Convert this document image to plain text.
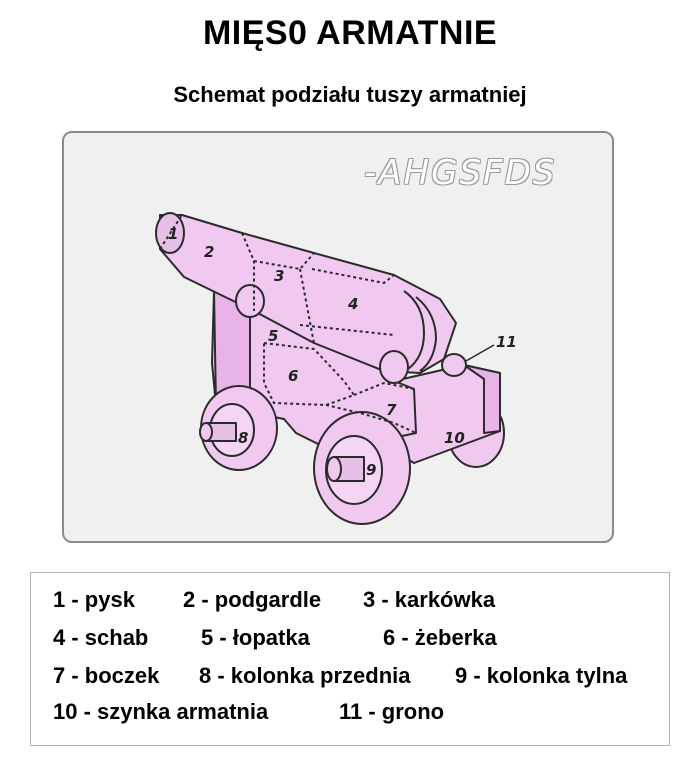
MIĘS0 ARMATNIE
Schemat podziału tuszy armatniej
-AHGSFDS
1
2
3
4
5
6
7
8
9
10
11
1 - pysk 2 - podgardle 3 - karkówka
4 - schab 5 - łopatka	6 - żeberka
7 - boczek 8 - kolonka przednia 9 - kolonka tylna
10 - szynka armatnia	11 - grono
